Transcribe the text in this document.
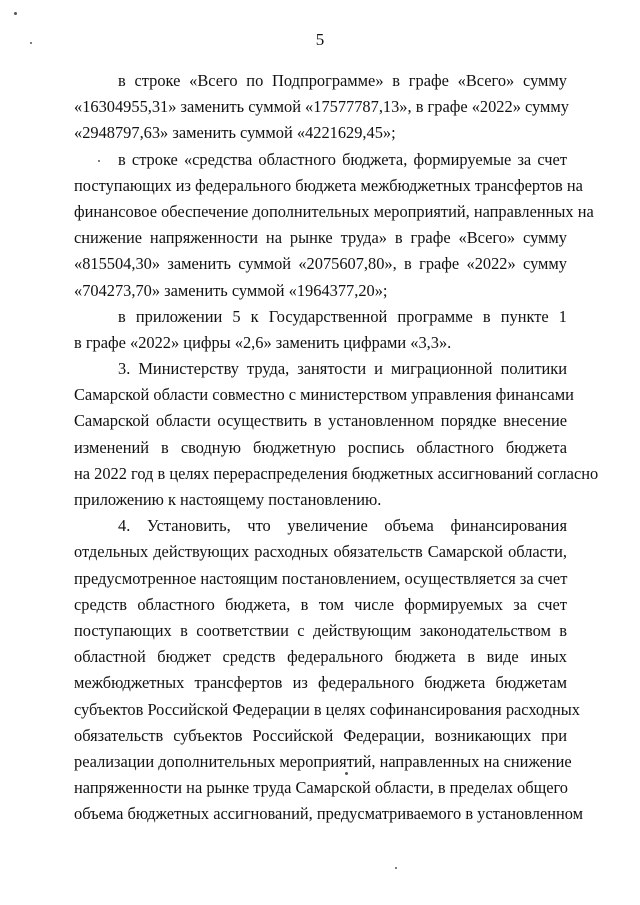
5
в строке «Всего по Подпрограмме» в графе «Всего» сумму
«16304955,31» заменить суммой «17577787,13», в графе «2022» сумму
«2948797,63» заменить суммой «4221629,45»;
в строке «средства областного бюджета, формируемые за счет
поступающих из федерального бюджета межбюджетных трансфертов на
финансовое обеспечение дополнительных мероприятий, направленных на
снижение напряженности на рынке труда» в графе «Всего» сумму
«815504,30» заменить суммой «2075607,80», в графе «2022» сумму
«704273,70» заменить суммой «1964377,20»;
в приложении 5 к Государственной программе в пункте 1
в графе «2022» цифры «2,6» заменить цифрами «3,3».
3. Министерству труда, занятости и миграционной политики
Самарской области совместно с министерством управления финансами
Самарской области осуществить в установленном порядке внесение
изменений в сводную бюджетную роспись областного бюджета
на 2022 год в целях перераспределения бюджетных ассигнований согласно
приложению к настоящему постановлению.
4. Установить, что увеличение объема финансирования
отдельных действующих расходных обязательств Самарской области,
предусмотренное настоящим постановлением, осуществляется за счет
средств областного бюджета, в том числе формируемых за счет
поступающих в соответствии с действующим законодательством в
областной бюджет средств федерального бюджета в виде иных
межбюджетных трансфертов из федерального бюджета бюджетам
субъектов Российской Федерации в целях софинансирования расходных
обязательств субъектов Российской Федерации, возникающих при
реализации дополнительных мероприятий, направленных на снижение
напряженности на рынке труда Самарской области, в пределах общего
объема бюджетных ассигнований, предусматриваемого в установленном
